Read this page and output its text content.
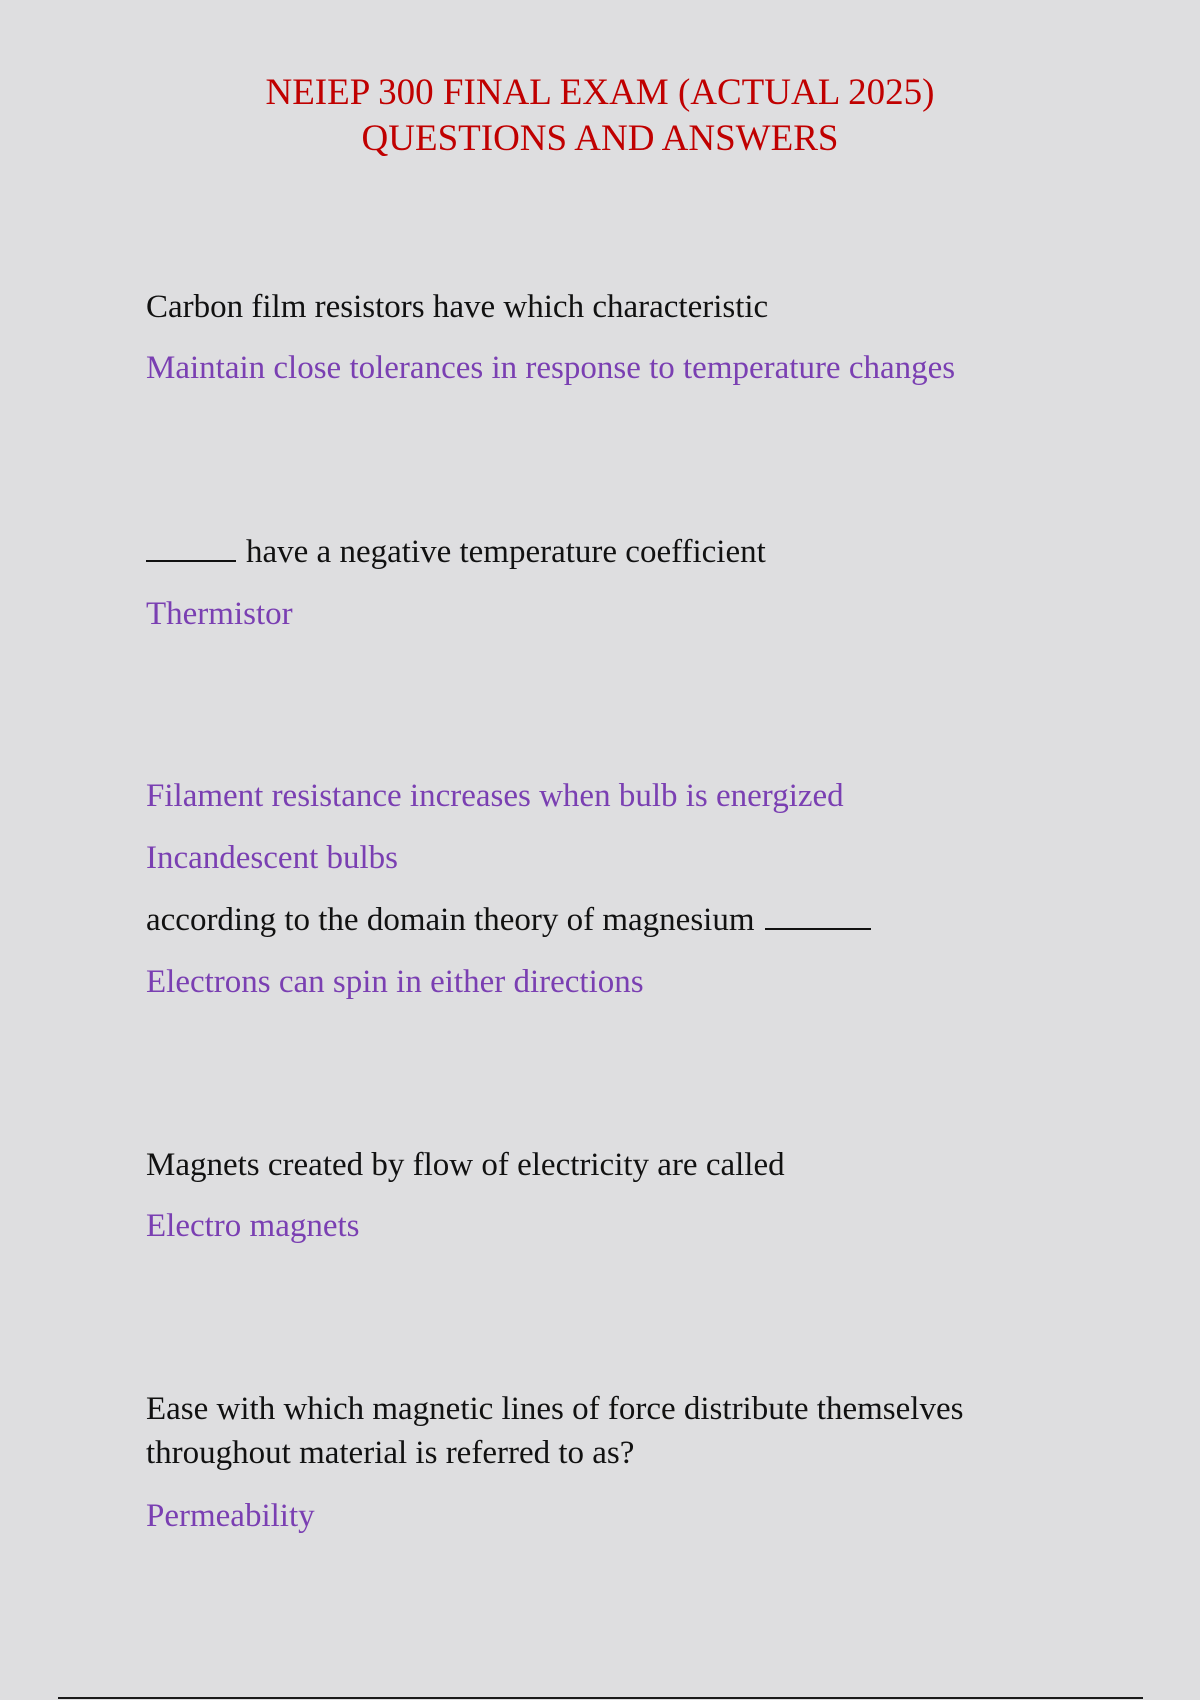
NEIEP 300 FINAL EXAM (ACTUAL 2025)
QUESTIONS AND ANSWERS

Carbon film resistors have which characteristic

Maintain close tolerances in response to temperature changes

have a negative temperature coefficient

Thermistor

Filament resistance increases when bulb is energized

Incandescent bulbs

according to the domain theory of magnesium

Electrons can spin in either directions

Magnets created by flow of electricity are called

Electro magnets

Ease with which magnetic lines of force distribute themselves throughout material is referred to as?

Permeability
